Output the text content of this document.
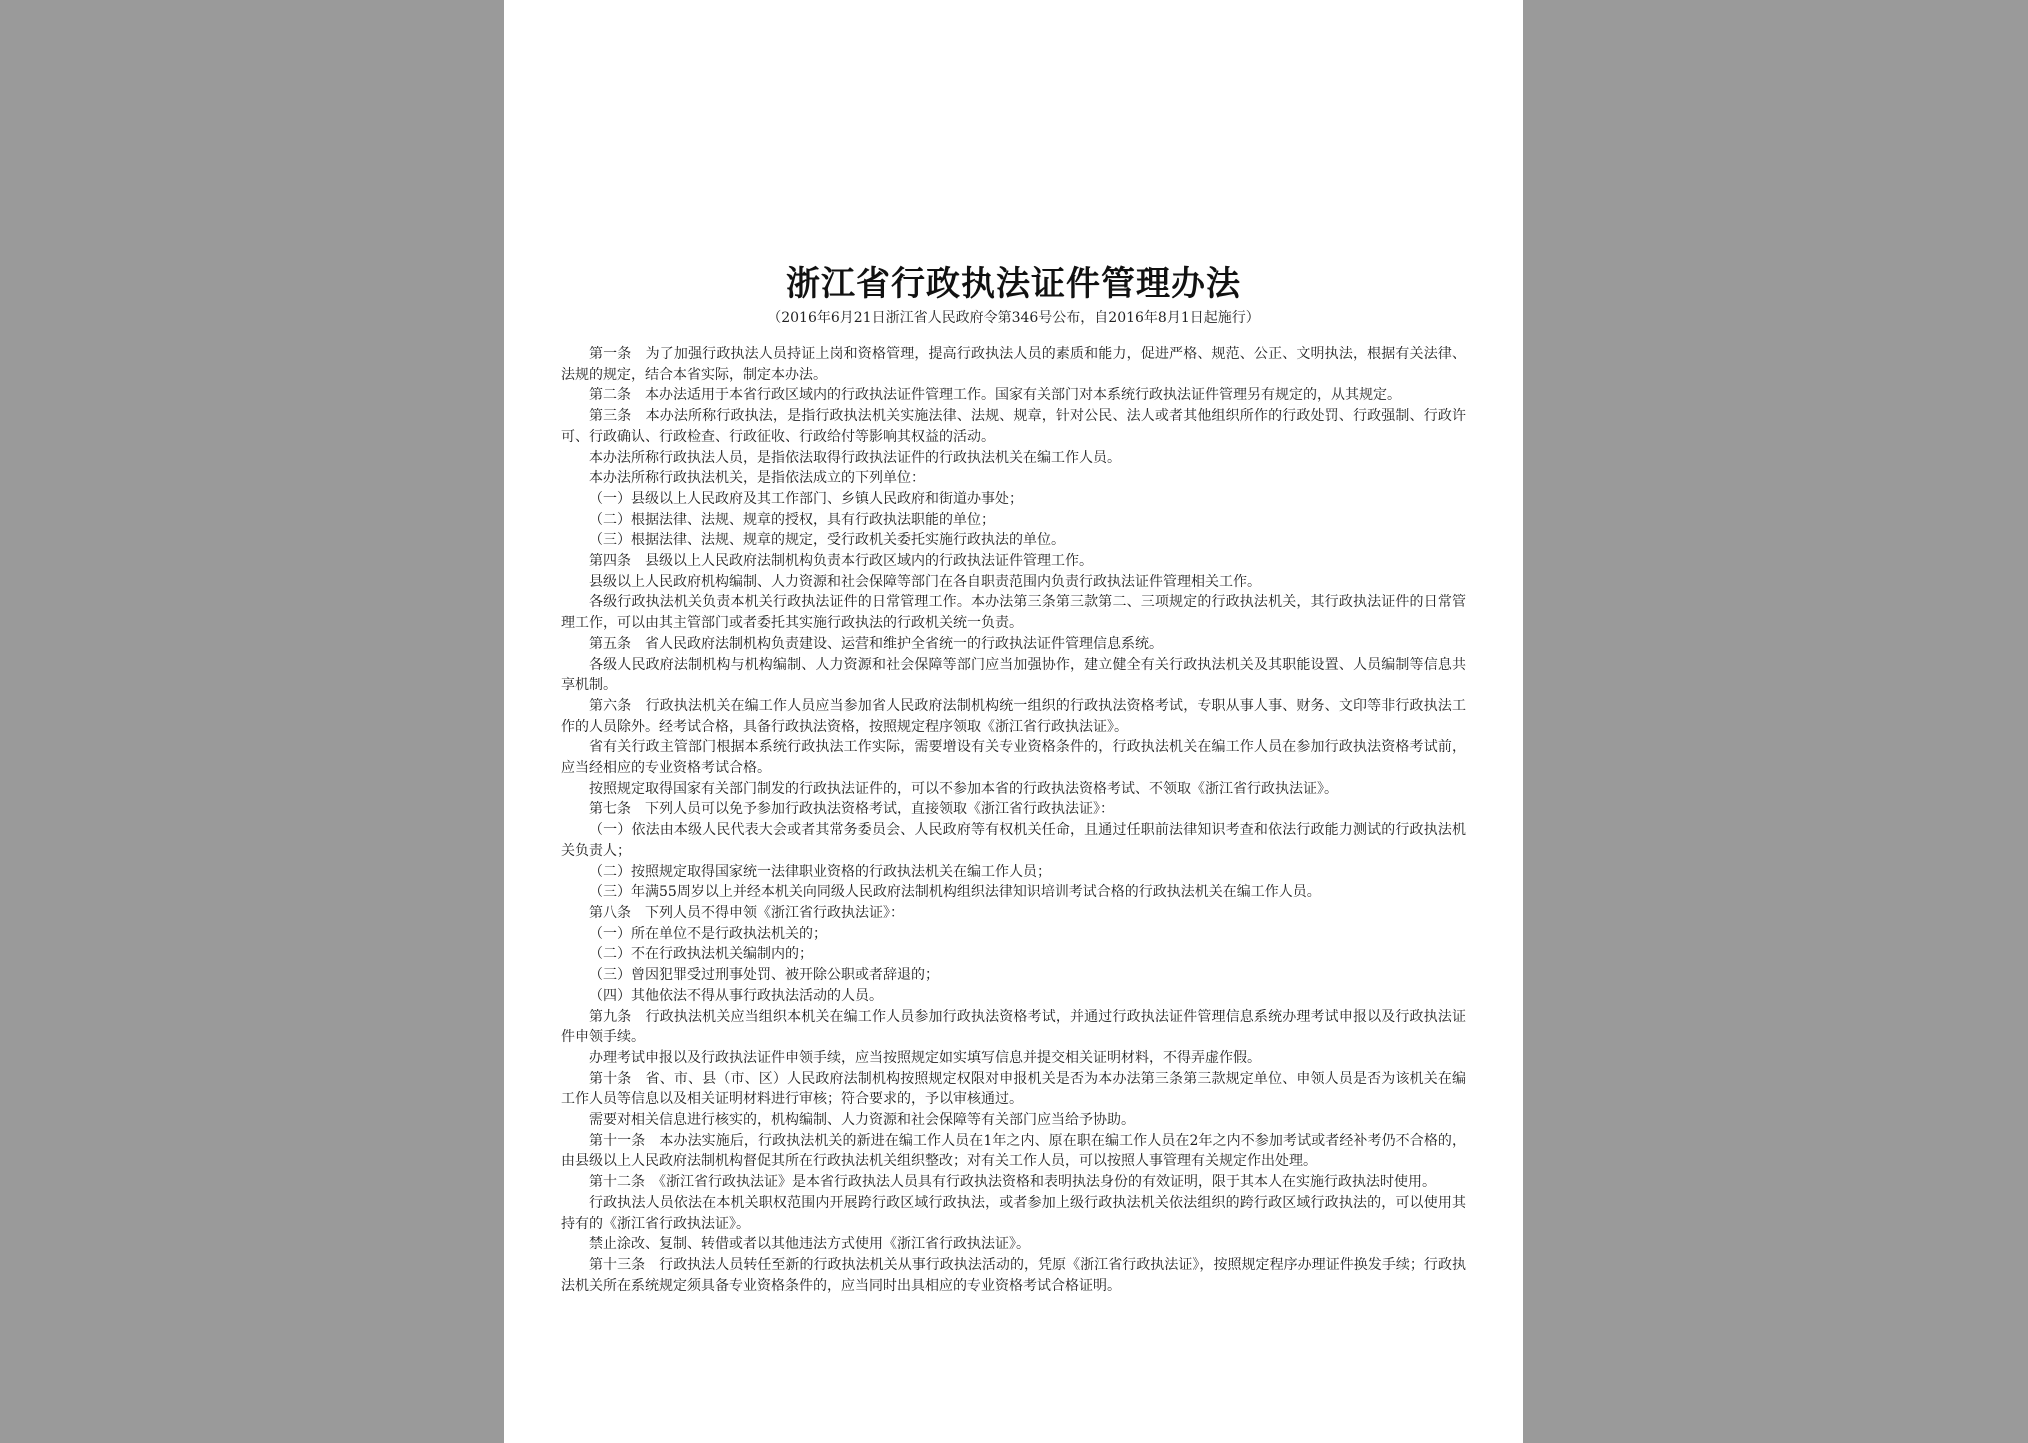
浙江省行政执法证件管理办法
（2016年6月21日浙江省人民政府令第346号公布，自2016年8月1日起施行）

第一条　为了加强行政执法人员持证上岗和资格管理，提高行政执法人员的素质和能力，促进严格、规范、公正、文明执法，根据有关法律、法规的规定，结合本省实际，制定本办法。

第二条　本办法适用于本省行政区域内的行政执法证件管理工作。国家有关部门对本系统行政执法证件管理另有规定的，从其规定。

第三条　本办法所称行政执法，是指行政执法机关实施法律、法规、规章，针对公民、法人或者其他组织所作的行政处罚、行政强制、行政许可、行政确认、行政检查、行政征收、行政给付等影响其权益的活动。

本办法所称行政执法人员，是指依法取得行政执法证件的行政执法机关在编工作人员。

本办法所称行政执法机关，是指依法成立的下列单位：

（一）县级以上人民政府及其工作部门、乡镇人民政府和街道办事处；

（二）根据法律、法规、规章的授权，具有行政执法职能的单位；

（三）根据法律、法规、规章的规定，受行政机关委托实施行政执法的单位。

第四条　县级以上人民政府法制机构负责本行政区域内的行政执法证件管理工作。

县级以上人民政府机构编制、人力资源和社会保障等部门在各自职责范围内负责行政执法证件管理相关工作。

各级行政执法机关负责本机关行政执法证件的日常管理工作。本办法第三条第三款第二、三项规定的行政执法机关，其行政执法证件的日常管理工作，可以由其主管部门或者委托其实施行政执法的行政机关统一负责。

第五条　省人民政府法制机构负责建设、运营和维护全省统一的行政执法证件管理信息系统。

各级人民政府法制机构与机构编制、人力资源和社会保障等部门应当加强协作，建立健全有关行政执法机关及其职能设置、人员编制等信息共享机制。

第六条　行政执法机关在编工作人员应当参加省人民政府法制机构统一组织的行政执法资格考试，专职从事人事、财务、文印等非行政执法工作的人员除外。经考试合格，具备行政执法资格，按照规定程序领取《浙江省行政执法证》。

省有关行政主管部门根据本系统行政执法工作实际，需要增设有关专业资格条件的，行政执法机关在编工作人员在参加行政执法资格考试前，应当经相应的专业资格考试合格。

按照规定取得国家有关部门制发的行政执法证件的，可以不参加本省的行政执法资格考试、不领取《浙江省行政执法证》。

第七条　下列人员可以免予参加行政执法资格考试，直接领取《浙江省行政执法证》：

（一）依法由本级人民代表大会或者其常务委员会、人民政府等有权机关任命，且通过任职前法律知识考查和依法行政能力测试的行政执法机关负责人；

（二）按照规定取得国家统一法律职业资格的行政执法机关在编工作人员；

（三）年满55周岁以上并经本机关向同级人民政府法制机构组织法律知识培训考试合格的行政执法机关在编工作人员。

第八条　下列人员不得申领《浙江省行政执法证》：

（一）所在单位不是行政执法机关的；

（二）不在行政执法机关编制内的；

（三）曾因犯罪受过刑事处罚、被开除公职或者辞退的；

（四）其他依法不得从事行政执法活动的人员。

第九条　行政执法机关应当组织本机关在编工作人员参加行政执法资格考试，并通过行政执法证件管理信息系统办理考试申报以及行政执法证件申领手续。

办理考试申报以及行政执法证件申领手续，应当按照规定如实填写信息并提交相关证明材料，不得弄虚作假。

第十条　省、市、县（市、区）人民政府法制机构按照规定权限对申报机关是否为本办法第三条第三款规定单位、申领人员是否为该机关在编工作人员等信息以及相关证明材料进行审核；符合要求的，予以审核通过。

需要对相关信息进行核实的，机构编制、人力资源和社会保障等有关部门应当给予协助。

第十一条　本办法实施后，行政执法机关的新进在编工作人员在1年之内、原在职在编工作人员在2年之内不参加考试或者经补考仍不合格的，由县级以上人民政府法制机构督促其所在行政执法机关组织整改；对有关工作人员，可以按照人事管理有关规定作出处理。

第十二条　《浙江省行政执法证》是本省行政执法人员具有行政执法资格和表明执法身份的有效证明，限于其本人在实施行政执法时使用。

行政执法人员依法在本机关职权范围内开展跨行政区域行政执法，或者参加上级行政执法机关依法组织的跨行政区域行政执法的，可以使用其持有的《浙江省行政执法证》。

禁止涂改、复制、转借或者以其他违法方式使用《浙江省行政执法证》。

第十三条　行政执法人员转任至新的行政执法机关从事行政执法活动的，凭原《浙江省行政执法证》，按照规定程序办理证件换发手续；行政执法机关所在系统规定须具备专业资格条件的，应当同时出具相应的专业资格考试合格证明。
